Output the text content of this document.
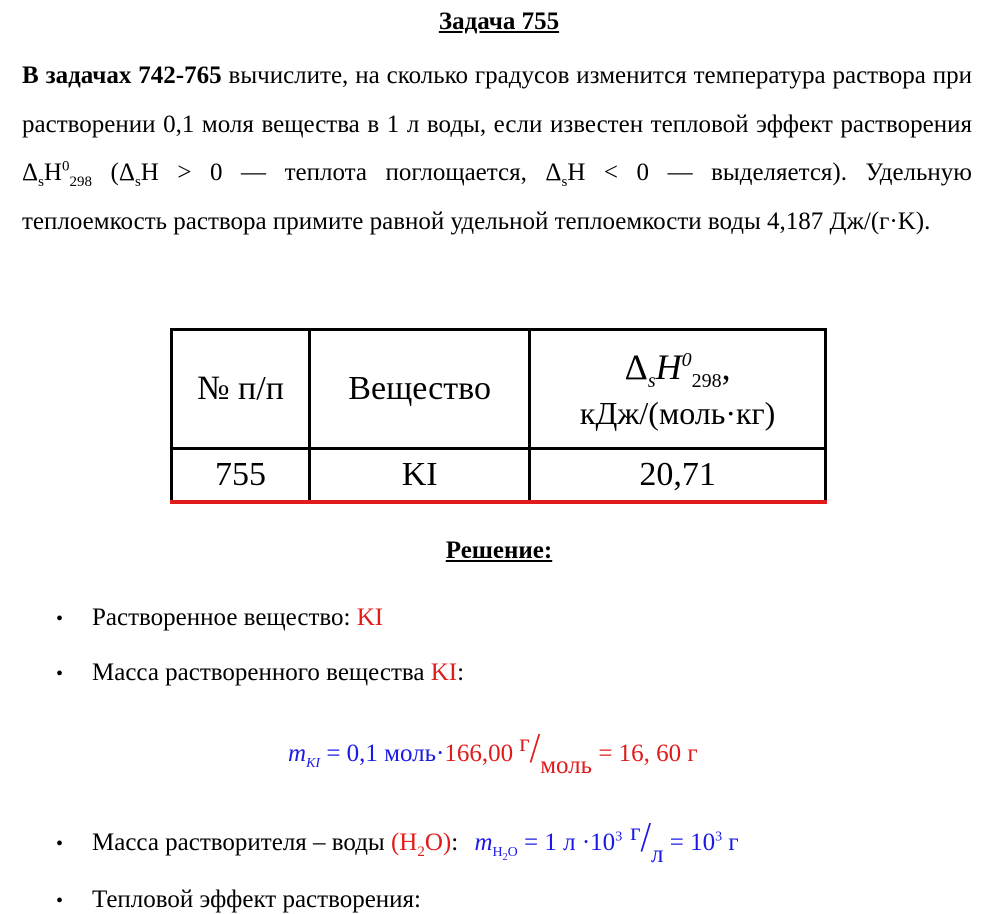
Задача 755
В задачах 742-765 вычислите, на сколько градусов изменится температура раствора при растворении 0,1 моля вещества в 1 л воды, если известен тепловой эффект растворения $\Delta_sH^0_{298}$ ($\Delta_sH > 0$ — теплота поглощается, $\Delta_sH < 0$ — выделяется). Удельную теплоемкость раствора примите равной удельной теплоемкости воды 4,187 Дж/(г·K).
№ п/п	Вещество	$\Delta_sH^0_{298}$,
кДж/(моль·кг)

755	KI	20,71
Решение:
• Растворенное вещество: KI
• Масса растворенного вещества KI:
$m_{KI} = 0,1$ моль·166,00 г/моль = 16, 60 г
• Масса растворителя – воды $(H_2O)$: $m_{H_2O} = 1$ $л \cdot 10^3$ $г/л = 10^3$ г
• Тепловой эффект растворения:
